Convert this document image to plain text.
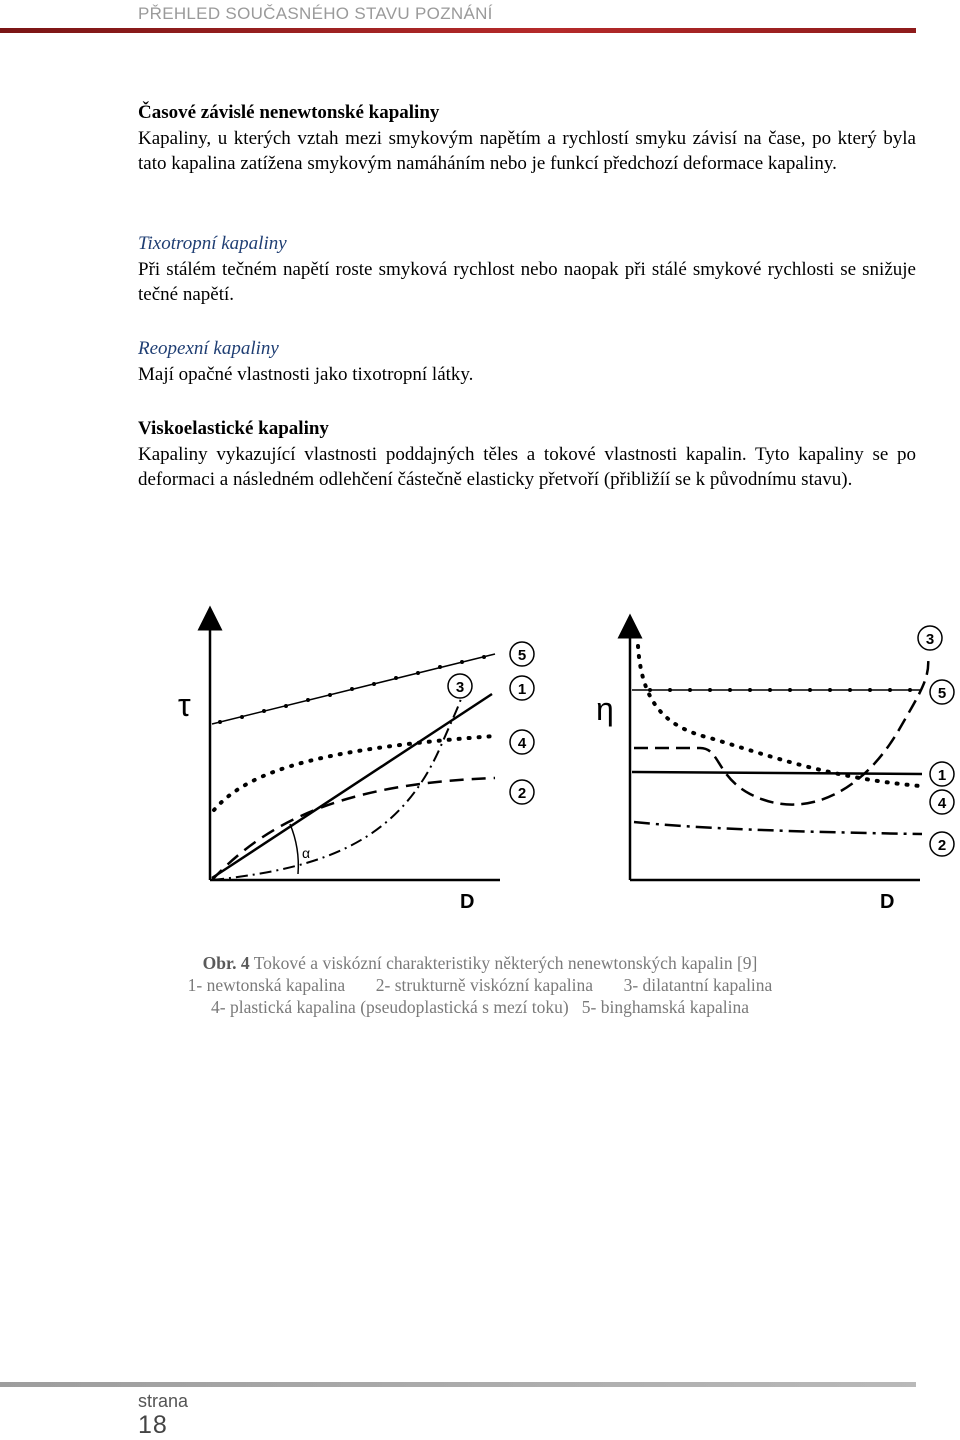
PŘEHLED SOUČASNÉHO STAVU POZNÁNÍ
Časové závislé nenewtonské kapaliny
Kapaliny, u kterých vztah mezi smykovým napětím a rychlostí smyku závisí na čase, po který byla tato kapalina zatížena smykovým namáháním nebo je funkcí předchozí deformace kapaliny.
Tixotropní kapaliny
Při stálém tečném napětí roste smyková rychlost nebo naopak při stálé smykové rychlosti se snižuje tečné napětí.
Reopexní kapaliny
Mají opačné vlastnosti jako tixotropní látky.
Viskoelastické kapaliny
Kapaliny vykazující vlastnosti poddajných těles a tokové vlastnosti kapalin. Tyto kapaliny se po deformaci a následném odlehčení částečně elasticky přetvoří (přibližíí se k původnímu stavu).
τ
D
α
5
3	1
4
2
η
D
3
5
1
4
2
Obr. 4 Tokové a viskózní charakteristiky některých nenewtonských kapalin [9]
1- newtonská kapalina       2- strukturně viskózní kapalina       3- dilatantní kapalina
4- plastická kapalina (pseudoplastická s mezí toku)   5- binghamská kapalina
strana
18
